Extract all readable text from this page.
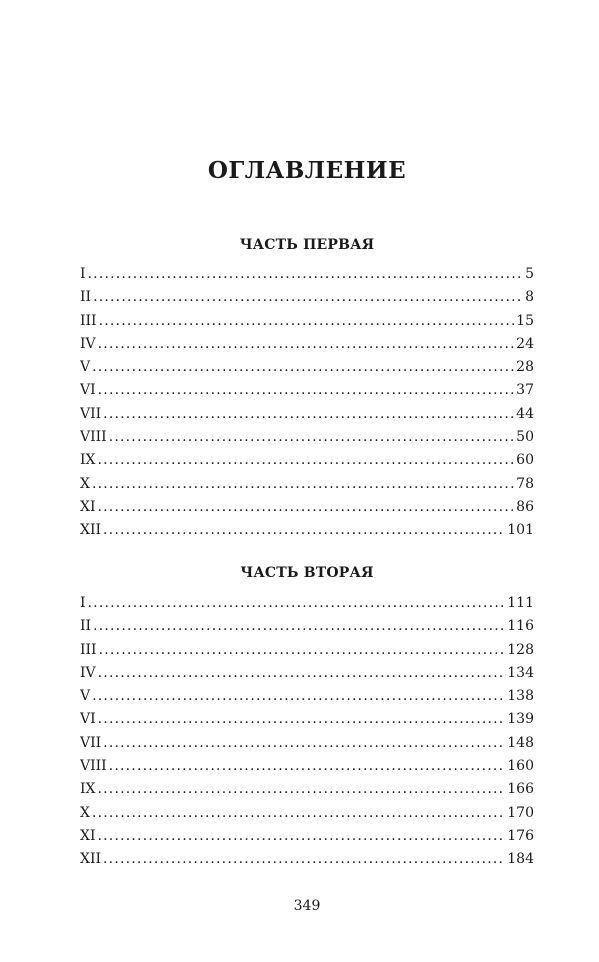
ОГЛАВЛЕНИЕ
ЧАСТЬ ПЕРВАЯ
I .....	5
II .....	8
III .....	15
IV .....	24
V .....	28
VI .....	37
VII .....	44
VIII .....	50
IX .....	60
X .....	78
XI .....	86
XII .....	101
ЧАСТЬ ВТОРАЯ
I .....	111
II .....	116
III .....	128
IV .....	134
V .....	138
VI .....	139
VII .....	148
VIII .....	160
IX .....	166
X .....	170
XI .....	176
XII .....	184
349
